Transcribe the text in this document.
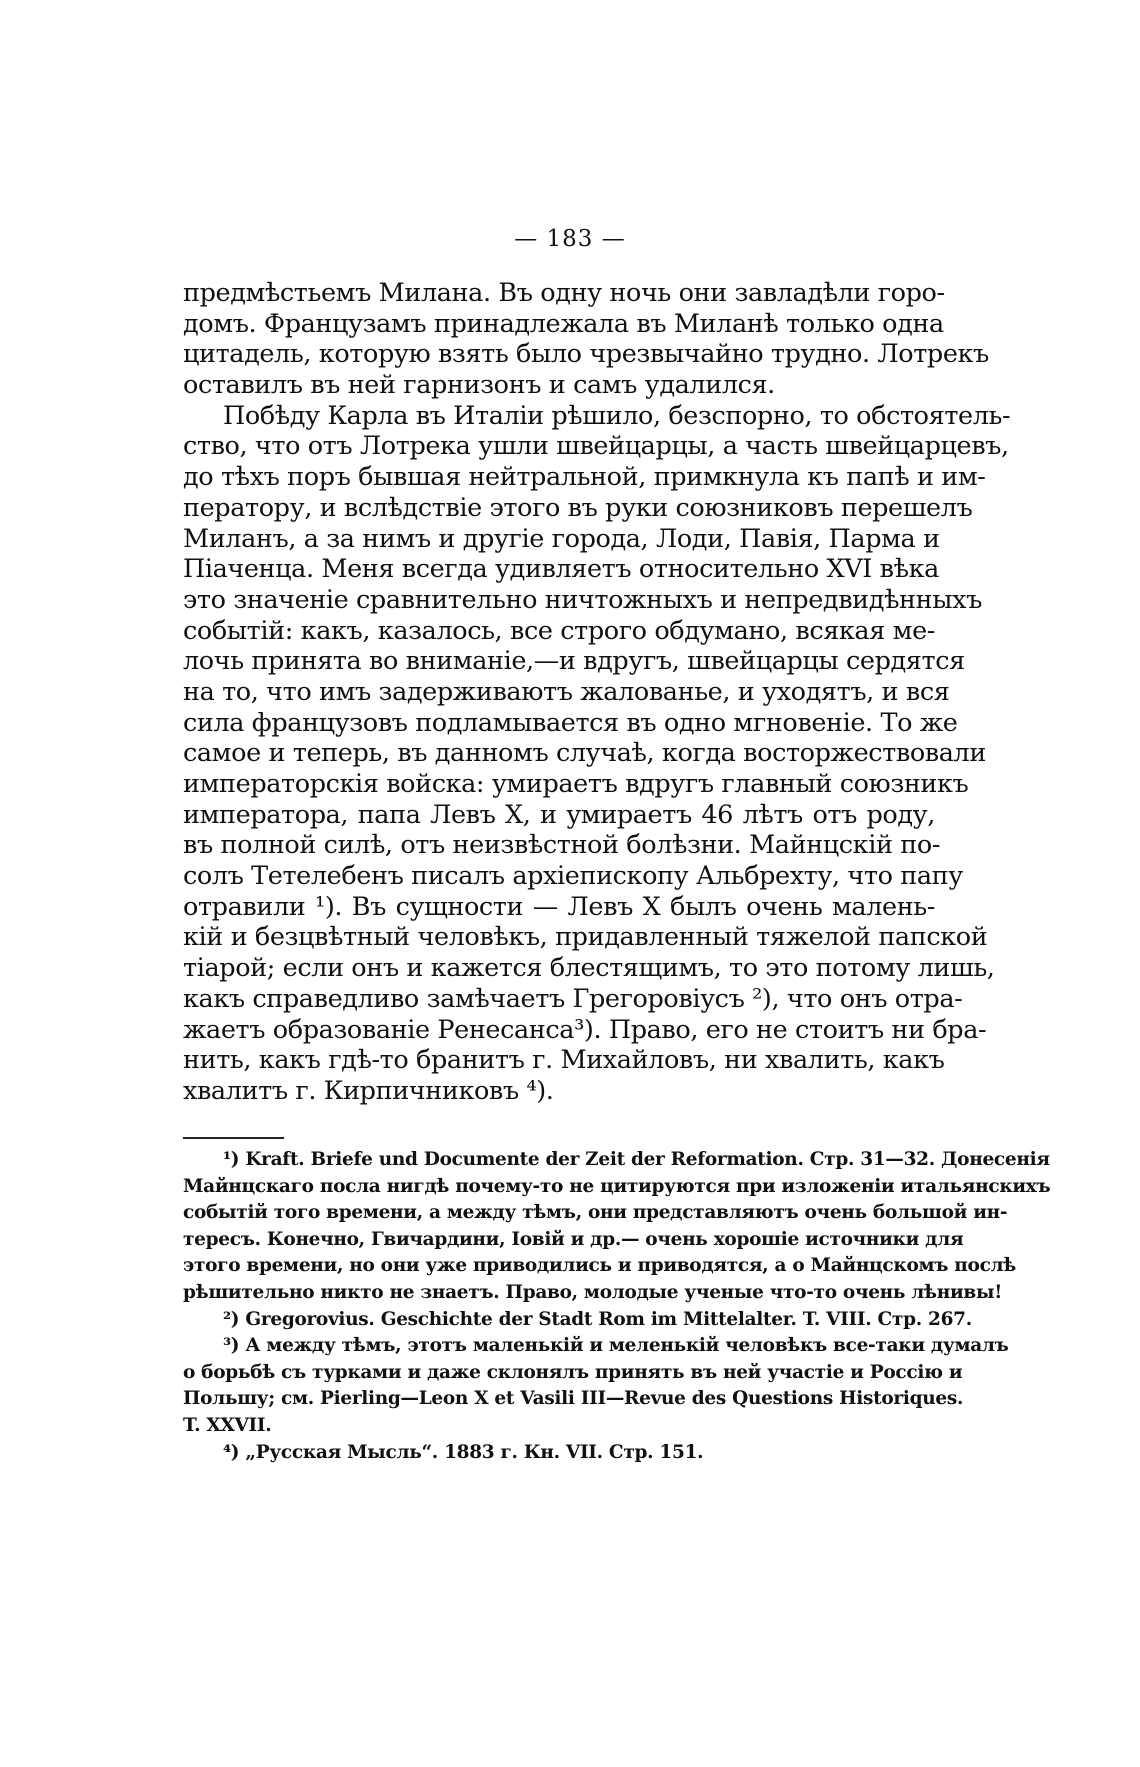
— 183 —
предмѣстьемъ Милана. Въ одну ночь они завладѣли горо-
домъ. Французамъ принадлежала въ Миланѣ только одна
цитадель, которую взять было чрезвычайно трудно. Лотрекъ
оставилъ въ ней гарнизонъ и самъ удалился.
Побѣду Карла въ Италіи рѣшило, безспорно, то обстоятель-
ство, что отъ Лотрека ушли швейцарцы, а часть швейцарцевъ,
до тѣхъ поръ бывшая нейтральной, примкнула къ папѣ и им-
ператору, и вслѣдствіе этого въ руки союзниковъ перешелъ
Миланъ, а за нимъ и другіе города, Лоди, Павія, Парма и
Піаченца. Меня всегда удивляетъ относительно XVI вѣка
это значеніе сравнительно ничтожныхъ и непредвидѣнныхъ
событій: какъ, казалось, все строго обдумано, всякая ме-
лочь принята во вниманіе,—и вдругъ, швейцарцы сердятся
на то, что имъ задерживаютъ жалованье, и уходятъ, и вся
сила французовъ подламывается въ одно мгновеніе. То же
самое и теперь, въ данномъ случаѣ, когда восторжествовали
императорскія войска: умираетъ вдругъ главный союзникъ
императора, папа Левъ X, и умираетъ 46 лѣтъ отъ роду,
въ полной силѣ, отъ неизвѣстной болѣзни. Майнцскій по-
солъ Тетелебенъ писалъ архіепископу Альбрехту, что папу
отравили ¹). Въ сущности — Левъ X былъ очень малень-
кій и безцвѣтный человѣкъ, придавленный тяжелой папской
тіарой; если онъ и кажется блестящимъ, то это потому лишь,
какъ справедливо замѣчаетъ Грегоровіусъ ²), что онъ отра-
жаетъ образованіе Ренесанса³). Право, его не стоитъ ни бра-
нить, какъ гдѣ-то бранитъ г. Михайловъ, ни хвалить, какъ
хвалитъ г. Кирпичниковъ ⁴).
¹) Kraft. Briefe und Documente der Zeit der Reformation. Стр. 31—32. Донесенія
Майнцскаго посла нигдѣ почему-то не цитируются при изложеніи итальянскихъ
событій того времени, а между тѣмъ, они представляютъ очень большой ин-
тересъ. Конечно, Гвичардини, Іовій и др.— очень хорошіе источники для
этого времени, но они уже приводились и приводятся, а о Майнцскомъ послѣ
рѣшительно никто не знаетъ. Право, молодые ученые что-то очень лѣнивы!
²) Gregorovius. Geschichte der Stadt Rom im Mittelalter. T. VIII. Стр. 267.
³) А между тѣмъ, этотъ маленькій и меленькій человѣкъ все-таки думалъ
о борьбѣ съ турками и даже склонялъ принять въ ней участіе и Россію и
Польшу; см. Pierling—Leon X et Vasili III—Revue des Questions Historiques.
T. XXVII.
⁴) „Русская Мысль“. 1883 г. Кн. VII. Стр. 151.
